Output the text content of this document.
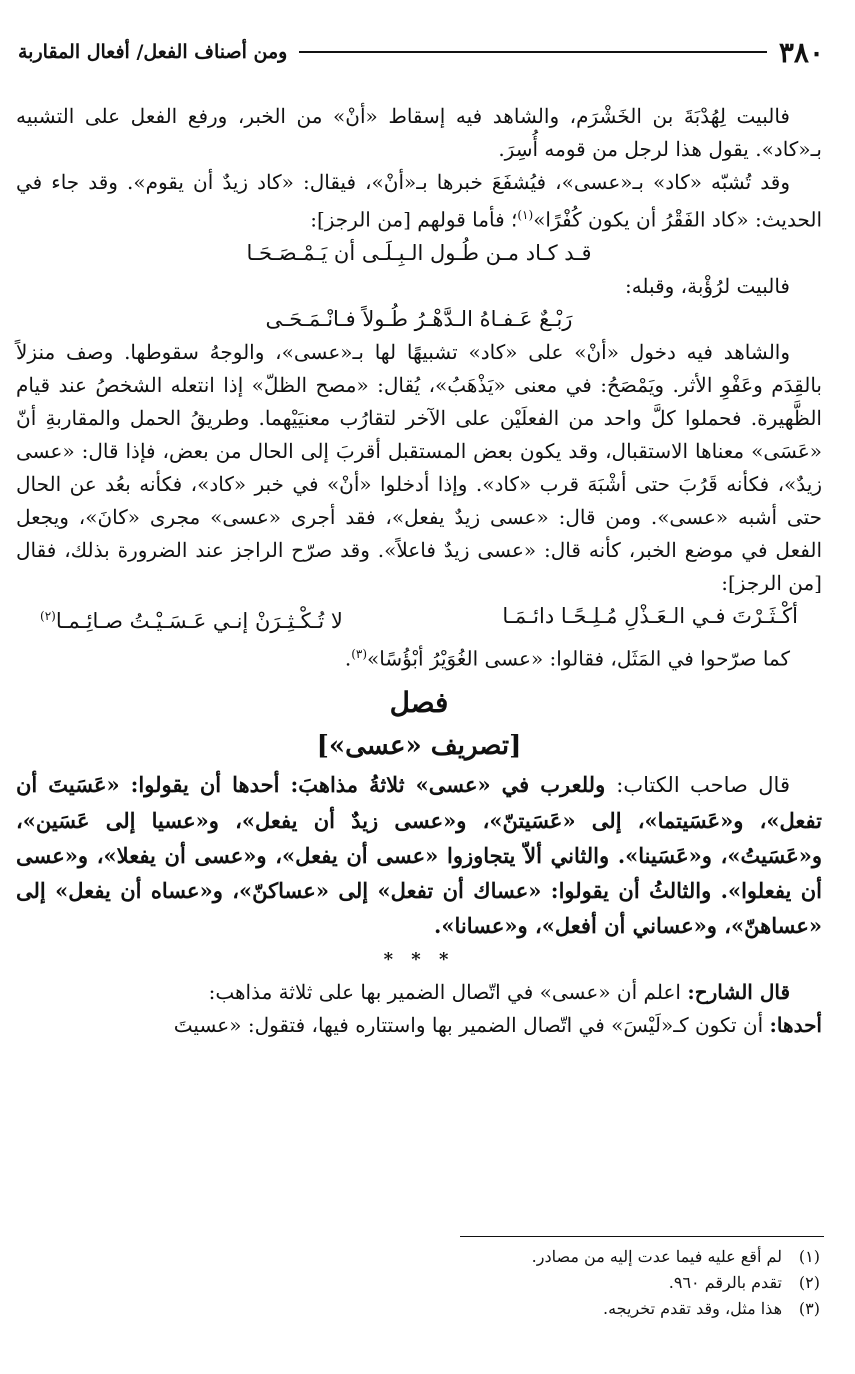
٣٨٠
ومن أصناف الفعل/ أفعال المقاربة

فالبيت لِهُدْبَةَ بن الخَشْرَم، والشاهد فيه إسقاط «أنْ» من الخبر، ورفع الفعل على التشبيه بـ«كاد». يقول هذا لرجل من قومه أُسِرَ.

وقد تُشبّه «كاد» بـ«عسى»، فيُشفَعَ خبرها بـ«أنْ»، فيقال: «كاد زيدٌ أن يقوم». وقد جاء في الحديث: «كاد الفَقْرُ أن يكون كُفْرًا»$^{(١)}$؛ فأما قولهم [من الرجز]:

قـد كـاد مـن طُـول الـبِـلَـى أن يَـمْـصَـحَـا

فالبيت لرُؤْبة، وقبله:

رَبْـعٌ عَـفـاهُ الـدَّهْـرُ طُـولاً فـانْـمَـحَـى

والشاهد فيه دخول «أنْ» على «كاد» تشبيهًا لها بـ«عسى»، والوجهُ سقوطها. وصف منزلاً بالقِدَم وعَفْوِ الأثر. ويَمْصَحُ: في معنى «يَذْهَبُ»، يُقال: «مصح الظلّ» إذا انتعله الشخصُ عند قيام الظَّهيرة. فحملوا كلَّ واحد من الفعلَيْن على الآخر لتقارُب معنيَيْهما. وطريقُ الحمل والمقاربةِ أنّ «عَسَى» معناها الاستقبال، وقد يكون بعض المستقبل أقربَ إلى الحال من بعض، فإذا قال: «عسى زيدٌ»، فكأنه قَرُبَ حتى أشْبَهَ قرب «كاد». وإذا أدخلوا «أنْ» في خبر «كاد»، فكأنه بعُد عن الحال حتى أشبه «عسى». ومن قال: «عسى زيدٌ يفعل»، فقد أجرى «عسى» مجرى «كانَ»، ويجعل الفعل في موضع الخبر، كأنه قال: «عسى زيدٌ فاعلاً». وقد صرّح الراجز عند الضرورة بذلك، فقال [من الرجز]:

أكْـثَـرْتَ فـي الـعَـذْلِ مُـلِـحًـا دائـمَـا
لا تُـكْـثِـرَنْ إنـي عَـسَـيْـتُ صـائِـمـا$^{(٢)}$

كما صرّحوا في المَثَل، فقالوا: «عسى الغُوَيْرُ أبْؤُسًا»$^{(٣)}$.

فصل
[تصريف «عسى»]

قال صاحب الكتاب: وللعرب في «عسى» ثلاثةُ مذاهبَ: أحدها أن يقولوا: «عَسَيتَ أن تفعل»، و«عَسَيتما»، إلى «عَسَيتنّ»، و«عسى زيدٌ أن يفعل»، و«عسيا إلى عَسَين»، و«عَسَيتُ»، و«عَسَينا». والثاني ألاّ يتجاوزوا «عسى أن يفعل»، و«عسى أن يفعلا»، و«عسى أن يفعلوا». والثالثُ أن يقولوا: «عساك أن تفعل» إلى «عساكنّ»، و«عساه أن يفعل» إلى «عساهنّ»، و«عساني أن أفعل»، و«عسانا».

* * *

قال الشارح: اعلم أن «عسى» في اتّصال الضمير بها على ثلاثة مذاهب:

أحدها: أن تكون كـ«لَيْسَ» في اتّصال الضمير بها واستتاره فيها، فتقول: «عسيتَ

(١)
لم أقع عليه فيما عدت إليه من مصادر.
(٢)
تقدم بالرقم ٩٦٠.
(٣)
هذا مثل، وقد تقدم تخريجه.
